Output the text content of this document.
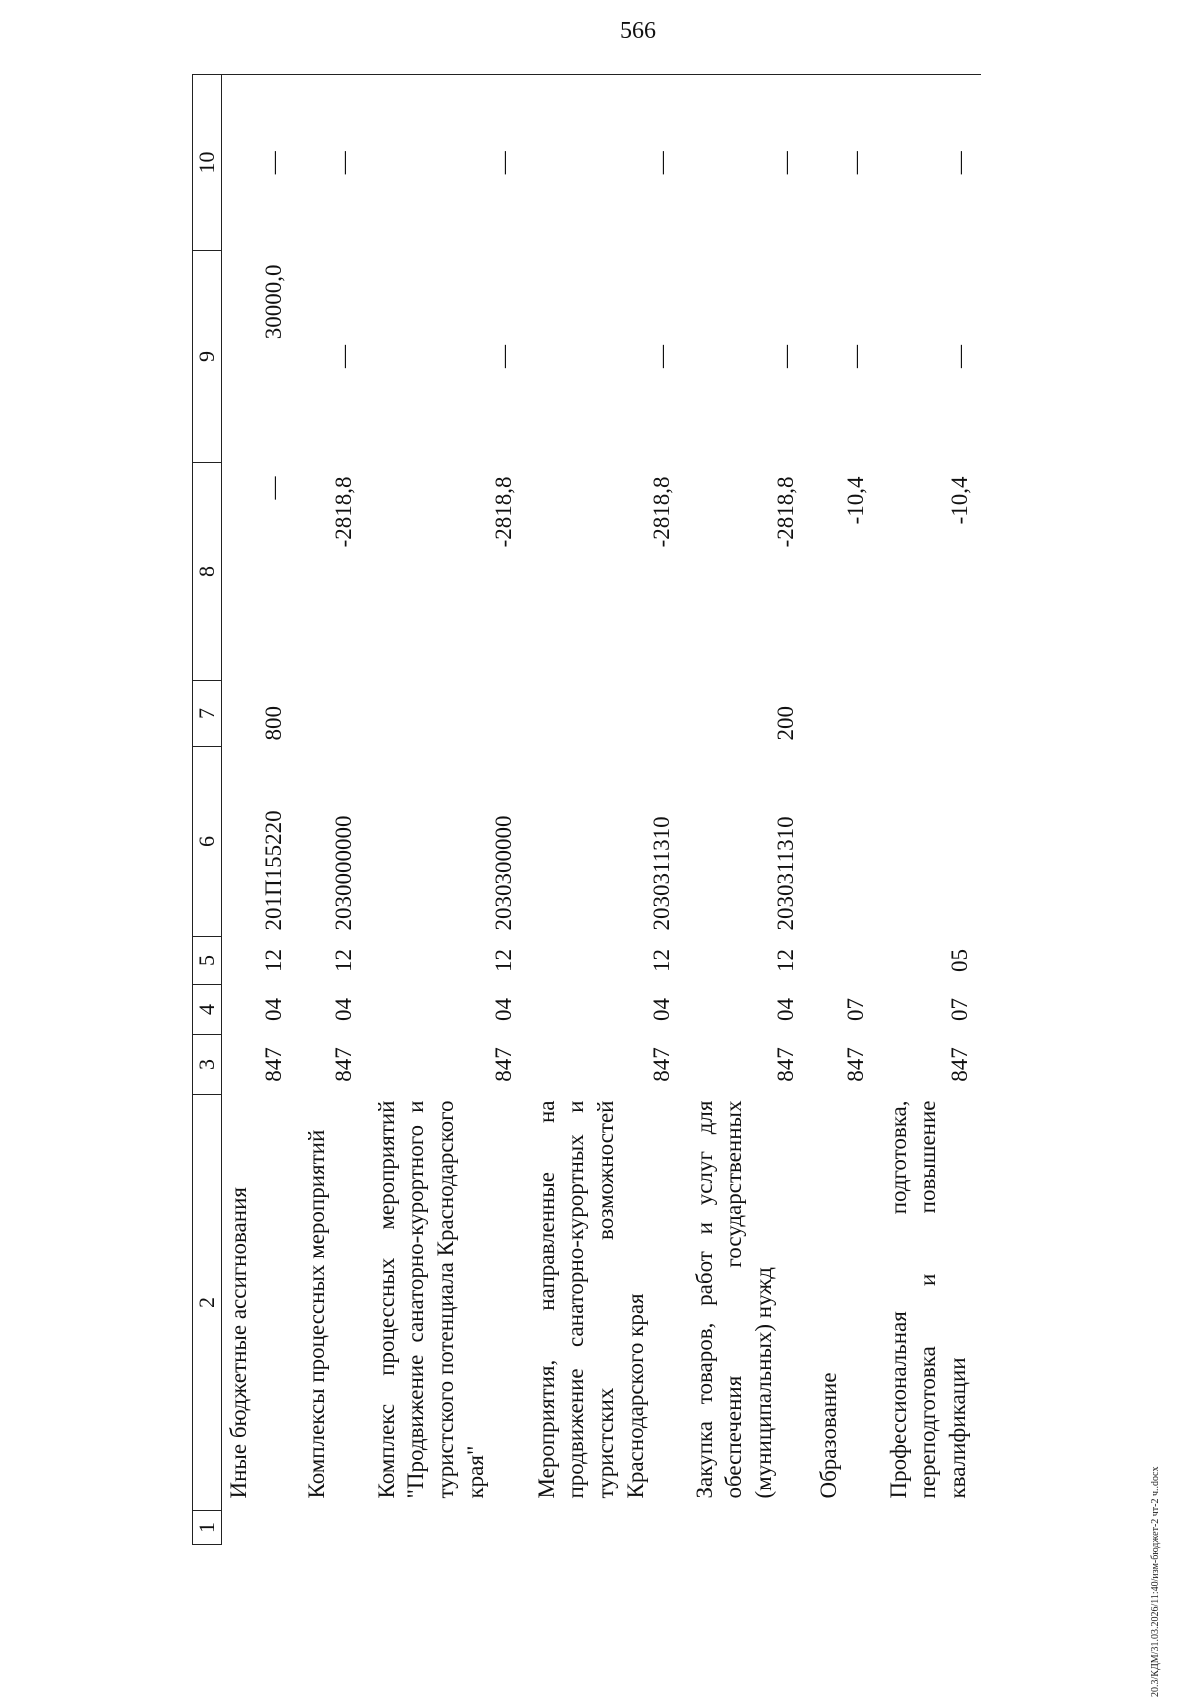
566
1	2	3	4	5	6	7	8	9	10
	Иные бюджетные ассигнования	847	04	12	201П155220	800	—	30000,0	—
	Комплексы процессных мероприятий	847	04	12	2030000000		-2818,8	—	—
	Комплекс процессных мероприятий "Продвижение санаторно-курортного и туристского потенциала Краснодарского края"	847	04	12	2030300000		-2818,8	—	—
	Мероприятия, направленные на продвижение санаторно-курортных и туристских возможностей Краснодарского края	847	04	12	2030311310		-2818,8	—	—
	Закупка товаров, работ и услуг для обеспечения государственных (муниципальных) нужд	847	04	12	2030311310	200	-2818,8	—	—
	Образование	847	07				-10,4	—	—
	Профессиональная подготовка, переподготовка и повышение квалификации	847	07	05			-10,4	—	—
20.3/КДМ/31.03.2026/11:40/изм-бюджет-2 чт-2 ч..docx
